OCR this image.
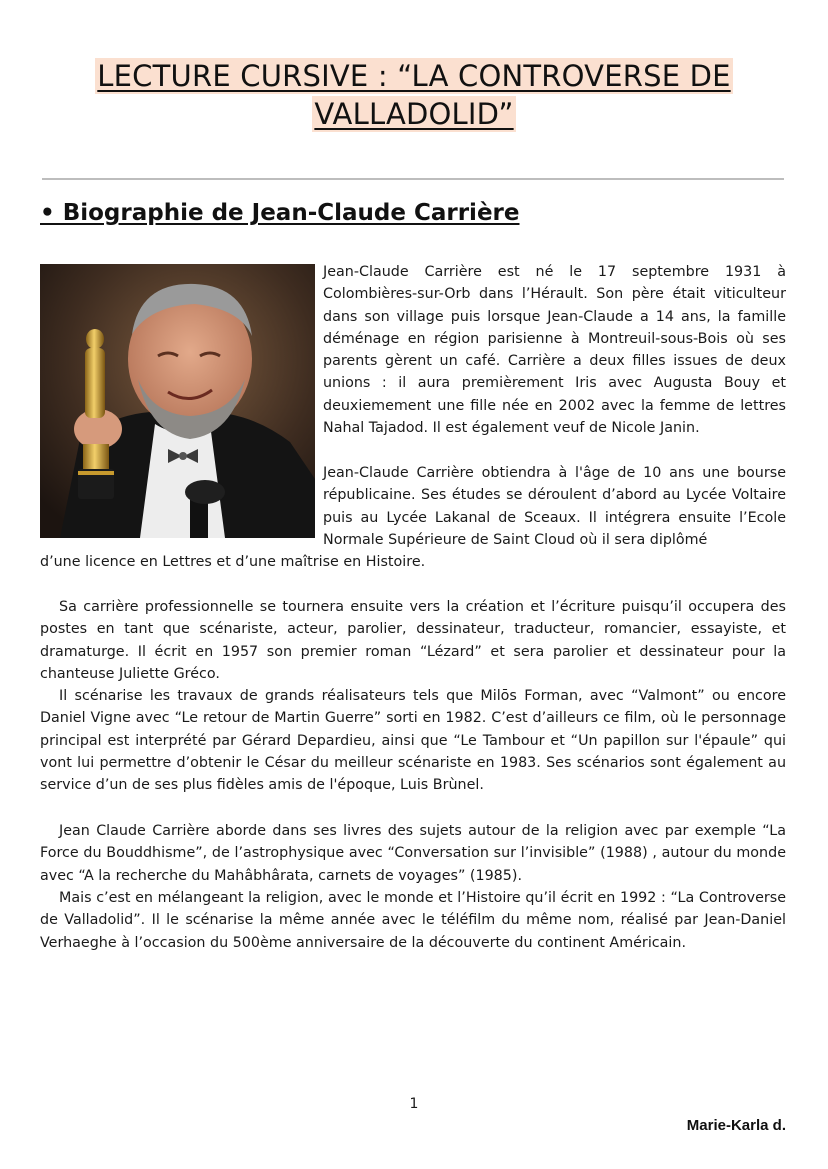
LECTURE CURSIVE : “LA CONTROVERSE DE
VALLADOLID”
• Biographie de Jean-Claude Carrière
Jean-Claude Carrière est né le 17 septembre 1931 à Colombières-sur-Orb dans l’Hérault. Son père était viticulteur dans son village puis lorsque Jean-Claude a 14 ans, la famille déménage en région parisienne à Montreuil-sous-Bois où ses parents gèrent un café. Carrière a deux filles issues de deux unions : il aura premièrement Iris avec Augusta Bouy et deuxiemement une fille née en 2002 avec la femme de lettres Nahal Tajadod. Il est également veuf de Nicole Janin.
Jean-Claude Carrière obtiendra à l'âge de 10 ans une bourse républicaine. Ses études se déroulent d’abord au Lycée Voltaire puis au Lycée Lakanal de Sceaux. Il intégrera ensuite l’Ecole Normale Supérieure de Saint Cloud où il sera diplômé
d’une licence en Lettres et d’une maîtrise en Histoire.
Sa carrière professionnelle se tournera ensuite vers la création et l’écriture puisqu’il occupera des postes en tant que scénariste, acteur, parolier, dessinateur, traducteur, romancier, essayiste, et dramaturge. Il écrit en 1957 son premier roman “Lézard” et sera parolier et dessinateur pour la chanteuse Juliette Gréco.
Il scénarise les travaux de grands réalisateurs tels que Milōs Forman, avec “Valmont” ou encore Daniel Vigne avec “Le retour de Martin Guerre” sorti en 1982. C’est d’ailleurs ce film, où le personnage principal est interprété par Gérard Depardieu, ainsi que “Le Tambour et “Un papillon sur l'épaule” qui vont lui permettre d’obtenir le César du meilleur scénariste en 1983. Ses scénarios sont également au service d’un de ses plus fidèles amis de l'époque, Luis Brùnel.
Jean Claude Carrière aborde dans ses livres des sujets autour de la religion avec par exemple “La Force du Bouddhisme”, de l’astrophysique avec “Conversation sur l’invisible” (1988) , autour du monde avec “A la recherche du Mahâbhârata, carnets de voyages” (1985).
Mais c’est en mélangeant la religion, avec le monde et l’Histoire qu’il écrit en 1992 : “La Controverse de Valladolid”. Il le scénarise la même année avec le téléfilm du même nom, réalisé par Jean-Daniel Verhaeghe à l’occasion du 500ème anniversaire de la découverte du continent Américain.
1
Marie-Karla d.
